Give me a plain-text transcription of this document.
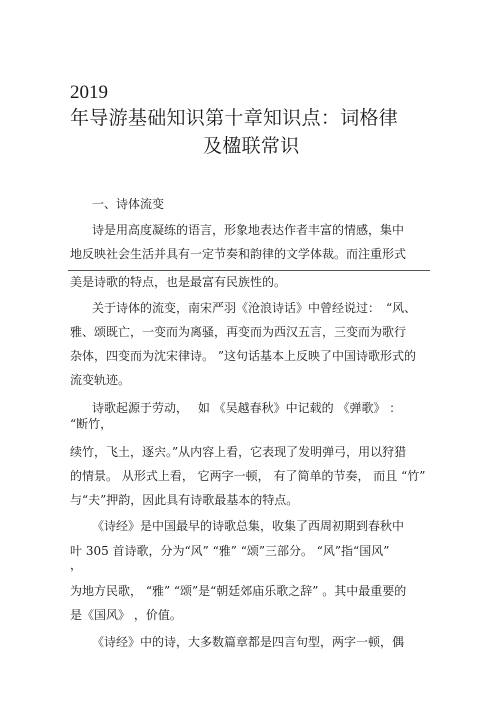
2019
年导游基础知识第十章知识点：词格律
及楹联常识
一、诗体流变
诗是用高度凝练的语言，形象地表达作者丰富的情感，集中
地反映社会生活并具有一定节奏和韵律的文学体裁。而注重形式
美是诗歌的特点，也是最富有民族性的。
关于诗体的流变，南宋严羽《沧浪诗话》中曾经说过：　“风、
雅、颂既亡，一变而为离骚，再变而为西汉五言，三变而为歌行
杂体，四变而为沈宋律诗。 ”这句话基本上反映了中国诗歌形式的
流变轨迹。
诗歌起源于劳动，　 如 《吴越春秋》中记载的 《弹歌》 ：
“断竹，
续竹，飞土，逐宍。”从内容上看，它表现了发明弹弓，用以狩猎
的情景。 从形式上看， 它两字一顿， 有了简单的节奏， 而且 “竹”
与“夫”押韵，因此具有诗歌最基本的特点。
《诗经》是中国最早的诗歌总集，收集了西周初期到春秋中
叶 305 首诗歌，分为“风” “雅” “颂”三部分。 “风”指“国风”
，
为地方民歌， “雅” “颂”是“朝廷郊庙乐歌之辞” 。其中最重要的
是《国风》 ，价值。
《诗经》中的诗，大多数篇章都是四言句型，两字一顿，偶
